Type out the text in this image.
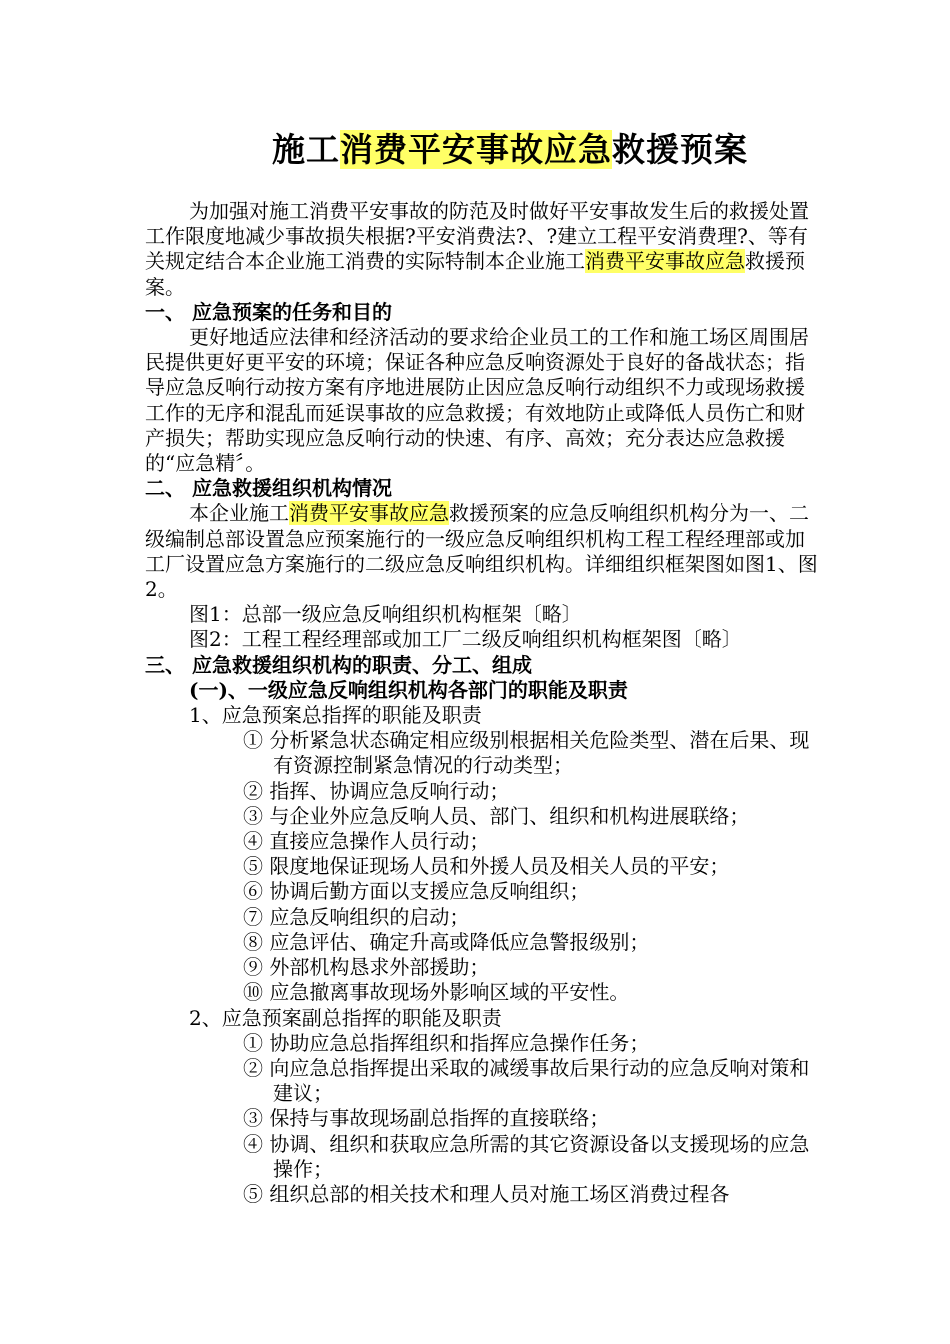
施工消费平安事故应急救援预案

为加强对施工消费平安事故的防范及时做好平安事故发生后的救援处置工作限度地减少事故损失根据?平安消费法?、?建立工程平安消费理?、等有关规定结合本企业施工消费的实际特制本企业施工消费平安事故应急救援预案。

一、 应急预案的任务和目的

更好地适应法律和经济活动的要求给企业员工的工作和施工场区周围居民提供更好更平安的环境；保证各种应急反响资源处于良好的备战状态；指导应急反响行动按方案有序地进展防止因应急反响行动组织不力或现场救援工作的无序和混乱而延误事故的应急救援；有效地防止或降低人员伤亡和财产损失；帮助实现应急反响行动的快速、有序、高效；充分表达应急救援的“应急精〞。

二、 应急救援组织机构情况

本企业施工消费平安事故应急救援预案的应急反响组织机构分为一、二级编制总部设置急应预案施行的一级应急反响组织机构工程工程经理部或加工厂设置应急方案施行的二级应急反响组织机构。详细组织框架图如图1、图2。

图1：总部一级应急反响组织机构框架〔略〕

图2：工程工程经理部或加工厂二级反响组织机构框架图〔略〕

三、 应急救援组织机构的职责、分工、组成

(一)、一级应急反响组织机构各部门的职能及职责

1、应急预案总指挥的职能及职责

① 分析紧急状态确定相应级别根据相关危险类型、潜在后果、现有资源控制紧急情况的行动类型；

② 指挥、协调应急反响行动；

③ 与企业外应急反响人员、部门、组织和机构进展联络；

④ 直接应急操作人员行动；

⑤ 限度地保证现场人员和外援人员及相关人员的平安；

⑥ 协调后勤方面以支援应急反响组织；

⑦ 应急反响组织的启动；

⑧ 应急评估、确定升高或降低应急警报级别；

⑨ 外部机构恳求外部援助；

⑩ 应急撤离事故现场外影响区域的平安性。

2、应急预案副总指挥的职能及职责

① 协助应急总指挥组织和指挥应急操作任务；

② 向应急总指挥提出采取的减缓事故后果行动的应急反响对策和建议；

③ 保持与事故现场副总指挥的直接联络；

④ 协调、组织和获取应急所需的其它资源设备以支援现场的应急操作；

⑤ 组织总部的相关技术和理人员对施工场区消费过程各
